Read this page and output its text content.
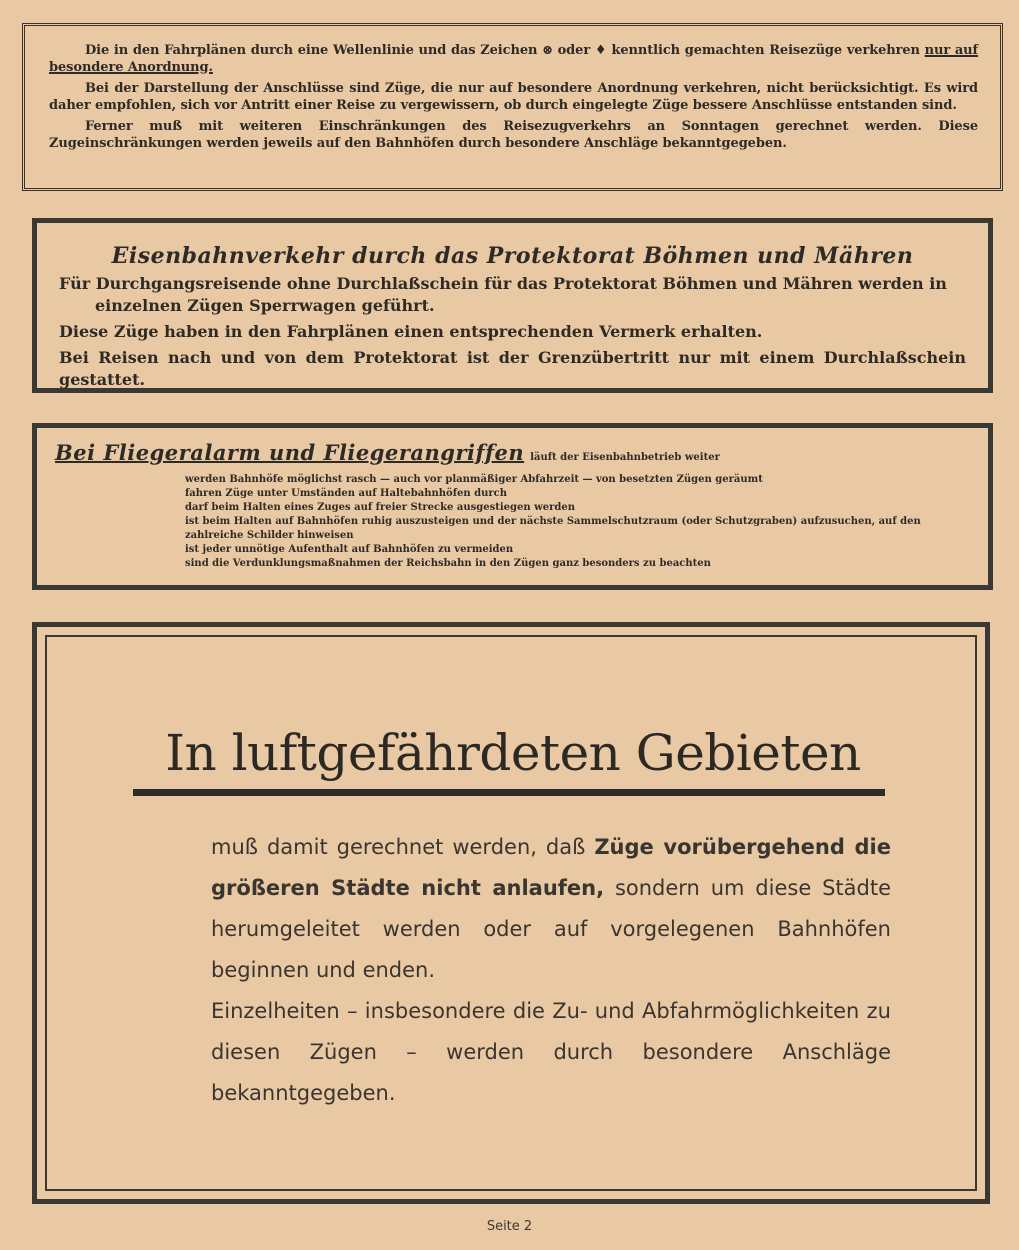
Die in den Fahrplänen durch eine Wellenlinie und das Zeichen ⊗ oder ♦ kenntlich gemachten Reisezüge verkehren nur auf besondere Anordnung.

Bei der Darstellung der Anschlüsse sind Züge, die nur auf besondere Anordnung verkehren, nicht berücksichtigt. Es wird daher empfohlen, sich vor Antritt einer Reise zu vergewissern, ob durch eingelegte Züge bessere Anschlüsse entstanden sind.

Ferner muß mit weiteren Einschränkungen des Reisezugverkehrs an Sonntagen gerechnet werden. Diese Zugeinschränkungen werden jeweils auf den Bahnhöfen durch besondere Anschläge bekanntgegeben.

Eisenbahnverkehr durch das Protektorat Böhmen und Mähren

Für Durchgangsreisende ohne Durchlaßschein für das Protektorat Böhmen und Mähren werden in
einzelnen Zügen Sperrwagen geführt.

Diese Züge haben in den Fahrplänen einen entsprechenden Vermerk erhalten.

Bei Reisen nach und von dem Protektorat ist der Grenzübertritt nur mit einem Durchlaßschein gestattet.

Bei Fliegeralarm und Fliegerangriffen läuft der Eisenbahnbetrieb weiter
werden Bahnhöfe möglichst rasch — auch vor planmäßiger Abfahrzeit — von besetzten Zügen geräumt
fahren Züge unter Umständen auf Haltebahnhöfen durch
darf beim Halten eines Zuges auf freier Strecke ausgestiegen werden
ist beim Halten auf Bahnhöfen ruhig auszusteigen und der nächste Sammelschutzraum (oder Schutzgraben) aufzusuchen, auf den
zahlreiche Schilder hinweisen
ist jeder unnötige Aufenthalt auf Bahnhöfen zu vermeiden
sind die Verdunklungsmaßnahmen der Reichsbahn in den Zügen ganz besonders zu beachten
In luftgefährdeten Gebieten

muß damit gerechnet werden, daß Züge vorübergehend die größeren Städte nicht anlaufen, sondern um diese Städte herumgeleitet werden oder auf vorgelegenen Bahnhöfen beginnen und enden.

Einzelheiten – insbesondere die Zu- und Abfahrmöglichkeiten zu diesen Zügen – werden durch besondere Anschläge bekanntgegeben.

Seite 2
